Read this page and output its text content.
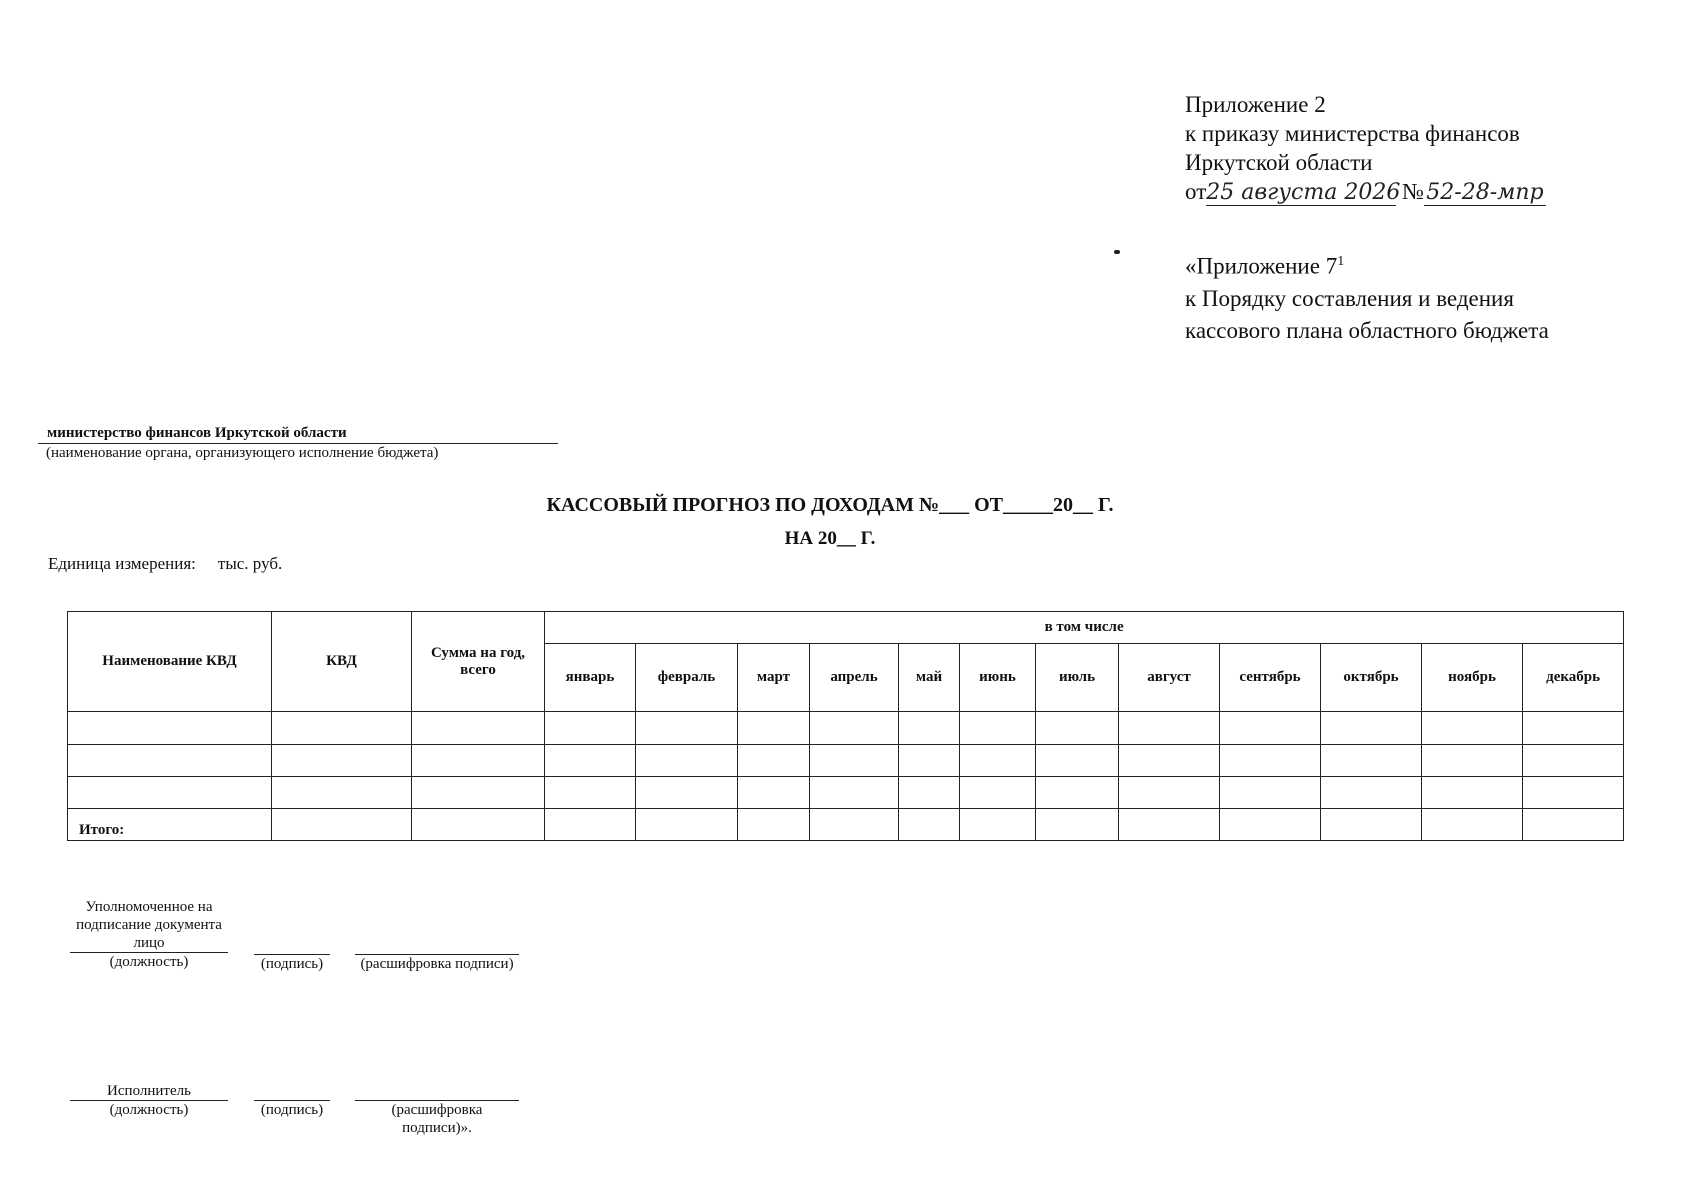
Приложение 2
к приказу министерства финансов
Иркутской области
от25 августа 2026 № 52-28-мпр
«Приложение $7^1$
к Порядку составления и ведения
кассового плана областного бюджета
министерство финансов Иркутской области
(наименование органа, организующего исполнение бюджета)
КАССОВЫЙ ПРОГНОЗ ПО ДОХОДАМ №___ ОТ_____20__ Г.
НА 20__ Г.
Единица измерения: тыс. руб.
Наименование КВД	КВД	Сумма на год, всего	в том числе											
			январь	февраль	март	апрель	май	июнь	июль	август	сентябрь	октябрь	ноябрь	декабрь

Итого:														
Уполномоченное на подписание документа лицо
(должность)	(подпись)	(расшифровка подписи)
Исполнитель
(должность)	(подпись)	(расшифровка подписи)».
